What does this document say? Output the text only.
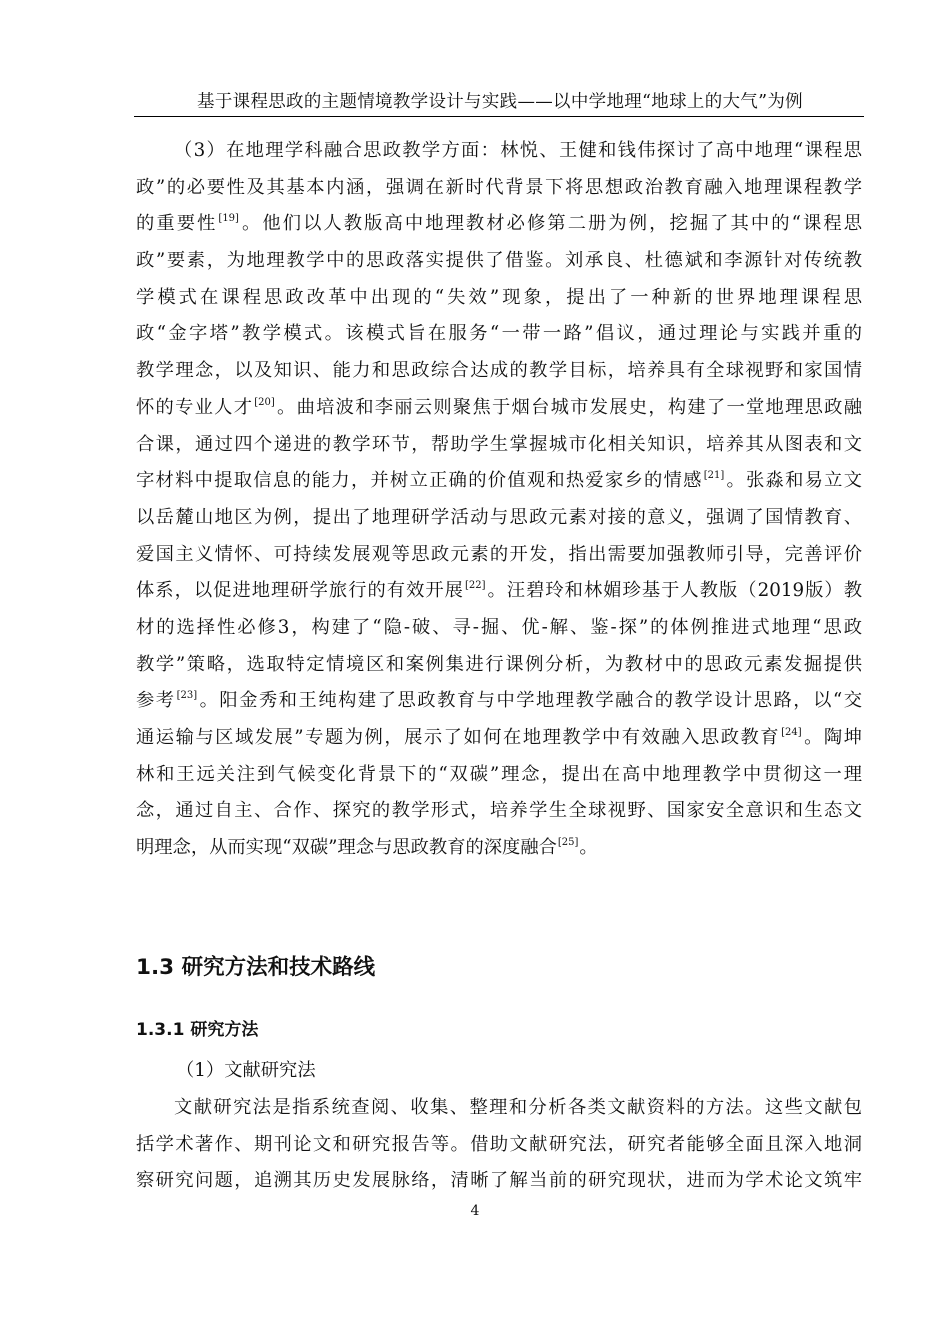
基于课程思政的主题情境教学设计与实践——以中学地理“地球上的大气”为例
（3）在地理学科融合思政教学方面：林悦、王健和钱伟探讨了高中地理“课程思
政”的必要性及其基本内涵，强调在新时代背景下将思想政治教育融入地理课程教学
的重要性[19]。他们以人教版高中地理教材必修第二册为例，挖掘了其中的“课程思
政”要素，为地理教学中的思政落实提供了借鉴。刘承良、杜德斌和李源针对传统教
学模式在课程思政改革中出现的“失效”现象，提出了一种新的世界地理课程思
政“金字塔”教学模式。该模式旨在服务“一带一路”倡议，通过理论与实践并重的
教学理念，以及知识、能力和思政综合达成的教学目标，培养具有全球视野和家国情
怀的专业人才[20]。曲培波和李丽云则聚焦于烟台城市发展史，构建了一堂地理思政融
合课，通过四个递进的教学环节，帮助学生掌握城市化相关知识，培养其从图表和文
字材料中提取信息的能力，并树立正确的价值观和热爱家乡的情感[21]。张淼和易立文
以岳麓山地区为例，提出了地理研学活动与思政元素对接的意义，强调了国情教育、
爱国主义情怀、可持续发展观等思政元素的开发，指出需要加强教师引导，完善评价
体系，以促进地理研学旅行的有效开展[22]。汪碧玲和林媚珍基于人教版（2019版）教
材的选择性必修3，构建了“隐-破、寻-掘、优-解、鉴-探”的体例推进式地理“思政
教学”策略，选取特定情境区和案例集进行课例分析，为教材中的思政元素发掘提供
参考[23]。阳金秀和王纯构建了思政教育与中学地理教学融合的教学设计思路，以“交
通运输与区域发展”专题为例，展示了如何在地理教学中有效融入思政教育[24]。陶坤
林和王远关注到气候变化背景下的“双碳”理念，提出在高中地理教学中贯彻这一理
念，通过自主、合作、探究的教学形式，培养学生全球视野、国家安全意识和生态文
明理念，从而实现“双碳”理念与思政教育的深度融合[25]。
1.3 研究方法和技术路线
1.3.1 研究方法
（1）文献研究法
文献研究法是指系统查阅、收集、整理和分析各类文献资料的方法。这些文献包
括学术著作、期刊论文和研究报告等。借助文献研究法，研究者能够全面且深入地洞
察研究问题，追溯其历史发展脉络，清晰了解当前的研究现状，进而为学术论文筑牢
4
